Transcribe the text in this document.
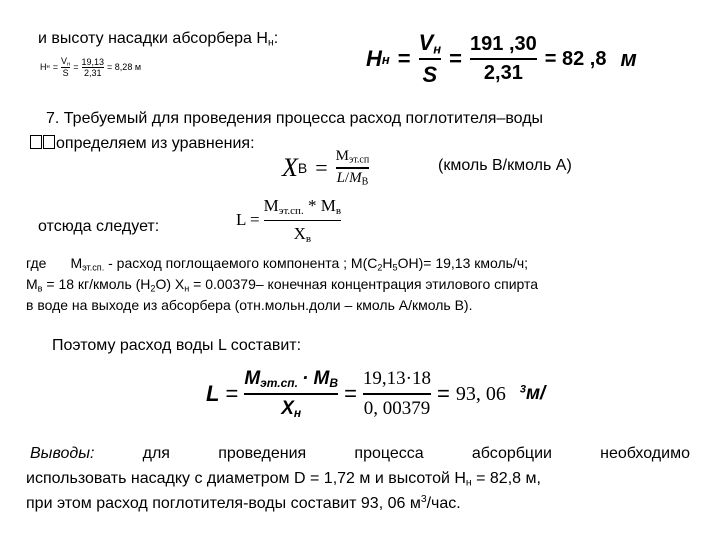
и высоту насадки абсорбера $Н_н$:
Н н =
$V_н$
S
=
19,13
2,31
= 8,28 м	H н =
$V_н$
S
=
191 ,30
2,31
= 82 ,8 м
7. Требуемый для проведения процесса расход поглотителя–воды
определяем из уравнения:
X $B = M_{эт.сп}$
$L/M_B$
(кмоль В/кмоль А)
отсюда следует:	L =
$M_{эт.сп.} * M_в$
$X_в$
где $M_{эт.сп.}$ - расход поглощаемого компонента ; $М(С_2Н_5ОН)= 19,13$ кмоль/ч;
$М_в = 18$ кг/кмоль $(Н_2О) Х_н = 0.00379-$ конечная концентрация этилового спирта
в воде на выходе из абсорбера (отн.мольн.доли – кмоль А/кмоль В).
Поэтому расход воды L составит:
L =
$M_{эт.сп.} \cdot M_B$
$X_н$
=
19,13·18
0, 00379
= 93, 06 $^3$м/
Выводы:	для	проведения	процесса	абсорбции	необходимо
использовать насадку с диаметром D = 1,72 м и высотой $Н_н = 82,8$ м,
при этом расход поглотителя-воды составит 93, 06 $м^3$/час.
